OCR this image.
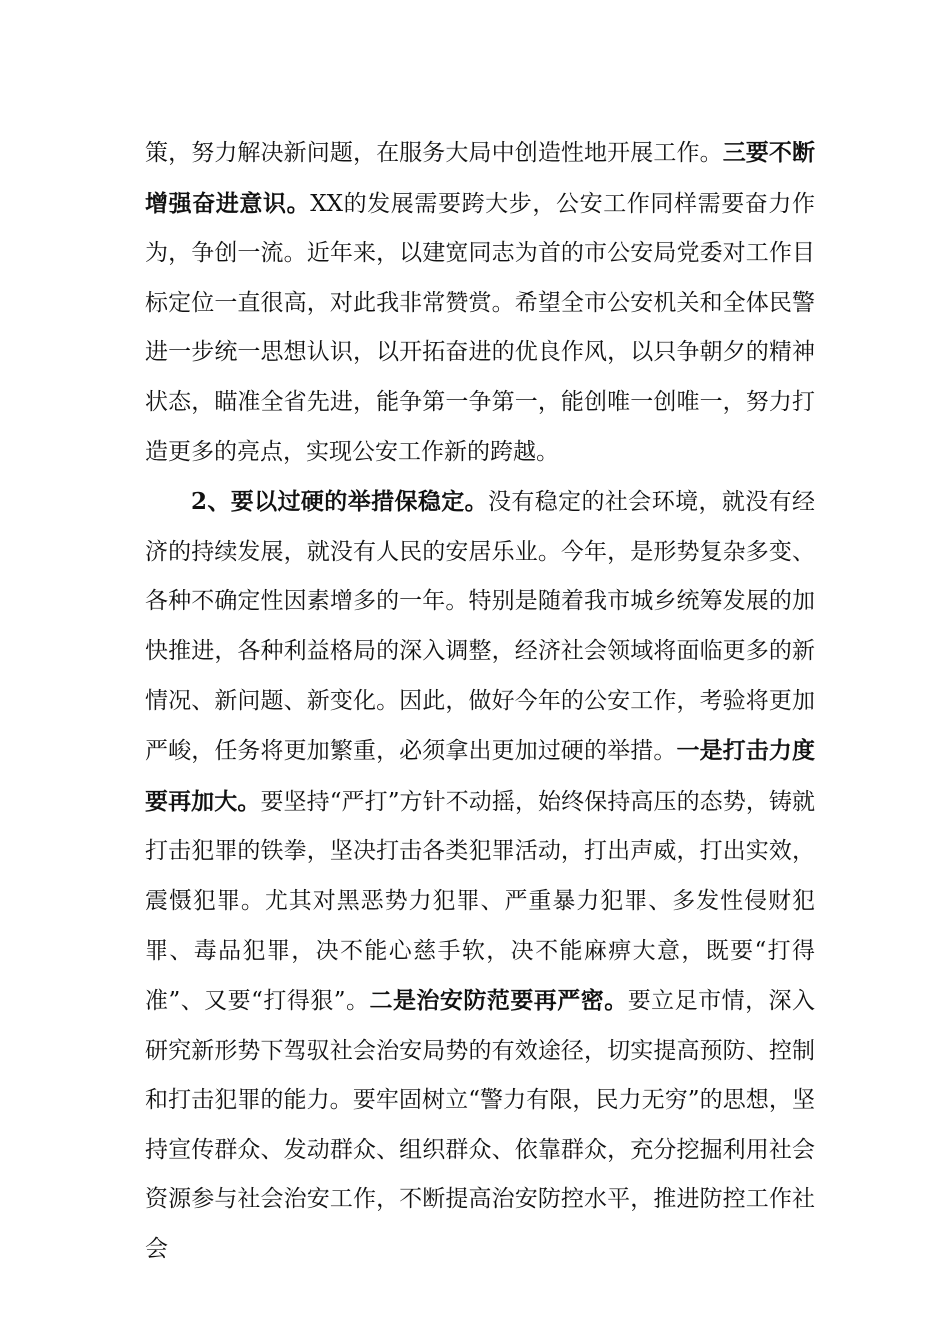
策，努力解决新问题，在服务大局中创造性地开展工作。三要不断增强奋进意识。XX的发展需要跨大步，公安工作同样需要奋力作为，争创一流。近年来，以建宽同志为首的市公安局党委对工作目标定位一直很高，对此我非常赞赏。希望全市公安机关和全体民警进一步统一思想认识，以开拓奋进的优良作风，以只争朝夕的精神状态，瞄准全省先进，能争第一争第一，能创唯一创唯一，努力打造更多的亮点，实现公安工作新的跨越。

2、要以过硬的举措保稳定。没有稳定的社会环境，就没有经济的持续发展，就没有人民的安居乐业。今年，是形势复杂多变、各种不确定性因素增多的一年。特别是随着我市城乡统筹发展的加快推进，各种利益格局的深入调整，经济社会领域将面临更多的新情况、新问题、新变化。因此，做好今年的公安工作，考验将更加严峻，任务将更加繁重，必须拿出更加过硬的举措。一是打击力度要再加大。要坚持“严打”方针不动摇，始终保持高压的态势，铸就打击犯罪的铁拳，坚决打击各类犯罪活动，打出声威，打出实效，震慑犯罪。尤其对黑恶势力犯罪、严重暴力犯罪、多发性侵财犯罪、毒品犯罪，决不能心慈手软，决不能麻痹大意，既要“打得准”、又要“打得狠”。二是治安防范要再严密。要立足市情，深入研究新形势下驾驭社会治安局势的有效途径，切实提高预防、控制和打击犯罪的能力。要牢固树立“警力有限，民力无穷”的思想，坚持宣传群众、发动群众、组织群众、依靠群众，充分挖掘利用社会资源参与社会治安工作，不断提高治安防控水平，推进防控工作社会
